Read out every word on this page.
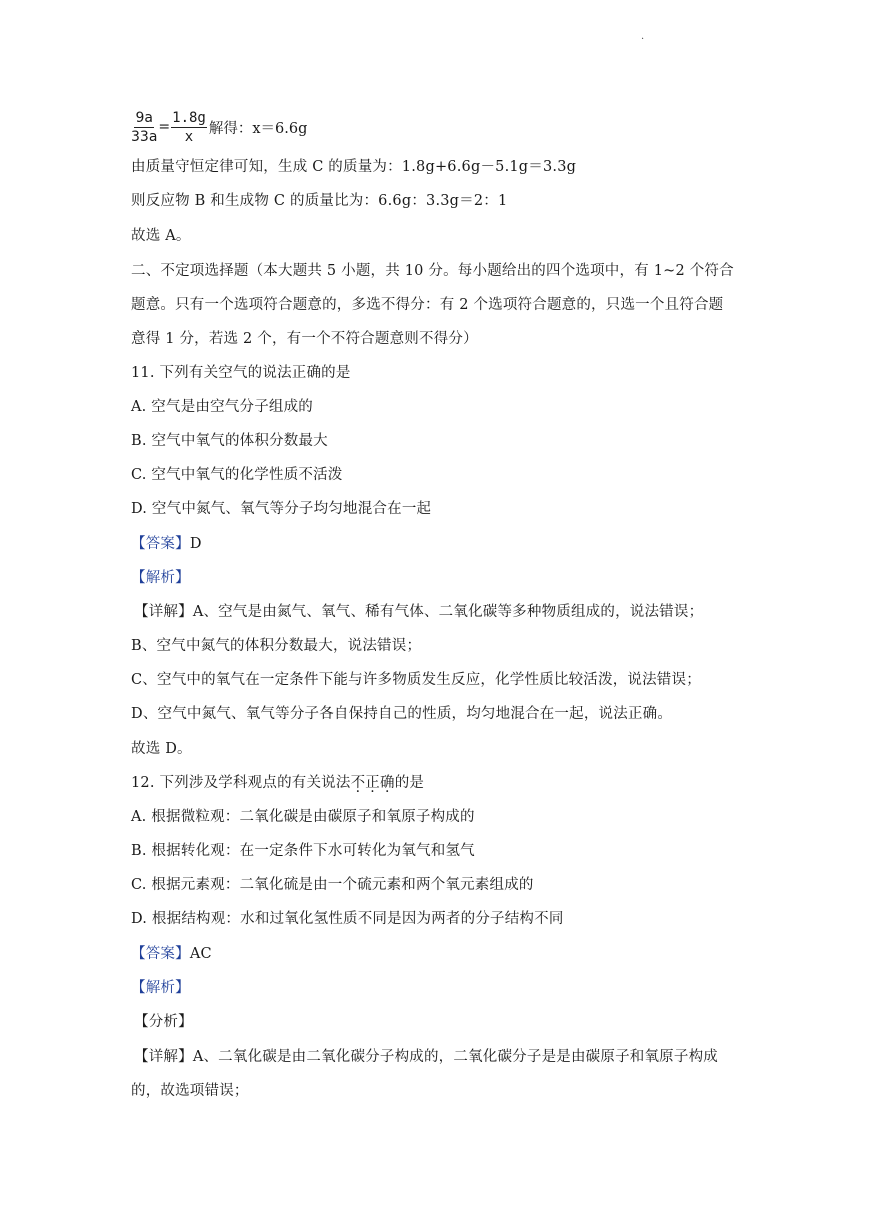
·
$\frac{9a}{33a} = \frac{1.8g}{x}$ 解得：x＝6.6g
由质量守恒定律可知，生成 C 的质量为：1.8g+6.6g－5.1g＝3.3g
则反应物 B 和生成物 C 的质量比为：6.6g：3.3g＝2：1
故选 A。
二、不定项选择题（本大题共 5 小题，共 10 分。每小题给出的四个选项中，有 1~2 个符合
题意。只有一个选项符合题意的，多选不得分：有 2 个选项符合题意的，只选一个且符合题
意得 1 分，若选 2 个，有一个不符合题意则不得分）
11. 下列有关空气的说法正确的是
A. 空气是由空气分子组成的
B. 空气中氧气的体积分数最大
C. 空气中氧气的化学性质不活泼
D. 空气中氮气、氧气等分子均匀地混合在一起
【答案】D
【解析】
【详解】A、空气是由氮气、氧气、稀有气体、二氧化碳等多种物质组成的，说法错误；
B、空气中氮气的体积分数最大，说法错误；
C、空气中的氧气在一定条件下能与许多物质发生反应，化学性质比较活泼，说法错误；
D、空气中氮气、氧气等分子各自保持自己的性质，均匀地混合在一起，说法正确。
故选 D。
12. 下列涉及学科观点的有关说法不正确的是
A. 根据微粒观：二氧化碳是由碳原子和氧原子构成的
B. 根据转化观：在一定条件下水可转化为氧气和氢气
C. 根据元素观：二氧化硫是由一个硫元素和两个氧元素组成的
D. 根据结构观：水和过氧化氢性质不同是因为两者的分子结构不同
【答案】AC
【解析】
【分析】
【详解】A、二氧化碳是由二氧化碳分子构成的，二氧化碳分子是是由碳原子和氧原子构成
的，故选项错误；
